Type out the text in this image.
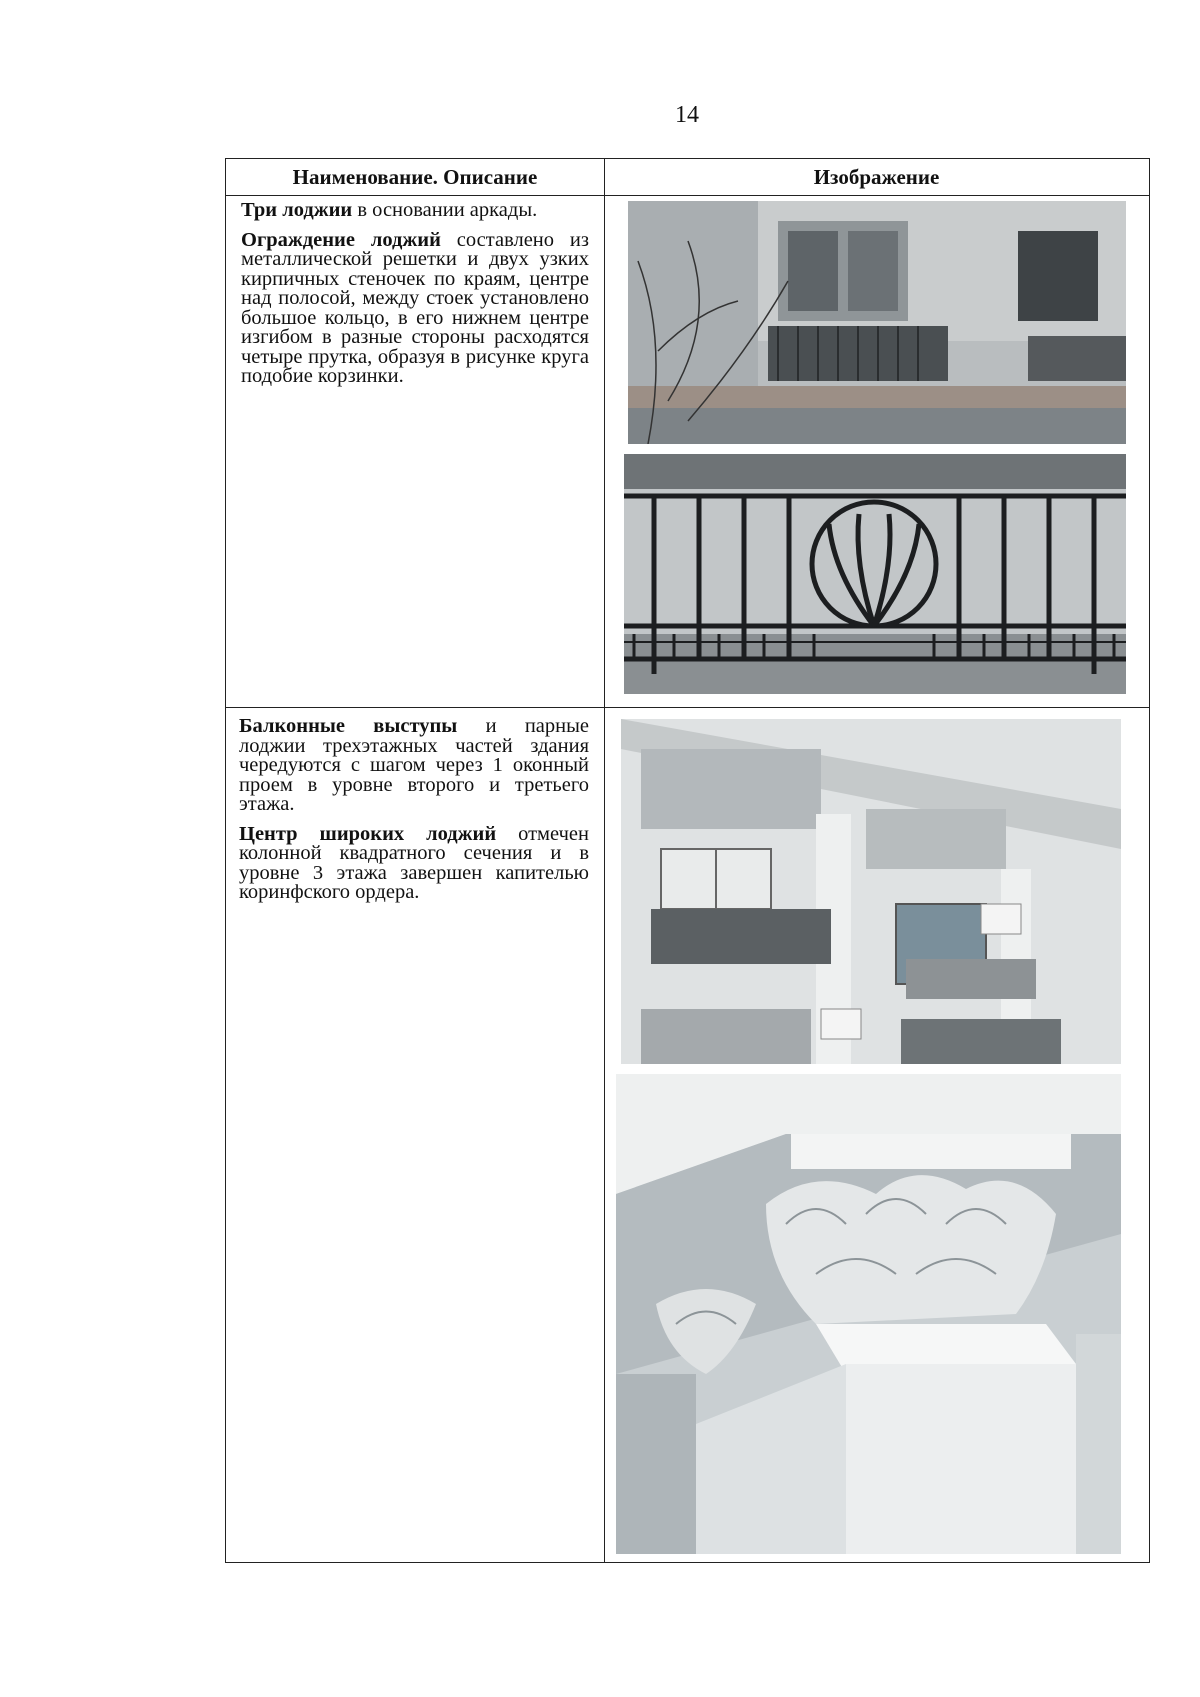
14
Наименование. Описание	Изображение

Три лоджии в основании аркады.

Ограждение лоджий составлено из металлической решетки и двух узких кирпичных стеночек по краям, центре над полосой, между стоек установлено большое кольцо, в его нижнем центре изгибом в разные стороны расходятся четыре прутка, образуя в рисунке круга подобие корзинки.

Балконные выступы и парные лоджии трехэтажных частей здания чередуются с шагом через 1 оконный проем в уровне второго и третьего этажа.

Центр широких лоджий отмечен колонной квадратного сечения и в уровне 3 этажа завершен капителью коринфского ордера.
